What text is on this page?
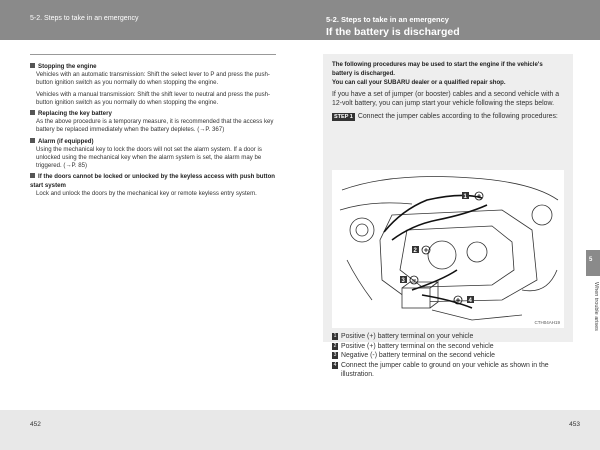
5-2. Steps to take in an emergency
Stopping the engine
Vehicles with an automatic transmission: Shift the select lever to P and press the push-button ignition switch as you normally do when stopping the engine.
Vehicles with a manual transmission: Shift the shift lever to neutral and press the push-button ignition switch as you normally do when stopping the engine.
Replacing the key battery
As the above procedure is a temporary measure, it is recommended that the access key battery be replaced immediately when the battery depletes. (→P. 367)
Alarm (if equipped)
Using the mechanical key to lock the doors will not set the alarm system. If a door is unlocked using the mechanical key when the alarm system is set, the alarm may be triggered. (→P. 85)
If the doors cannot be locked or unlocked by the keyless access with push button start system
Lock and unlock the doors by the mechanical key or remote keyless entry system.
452
5-2. Steps to take in an emergency
If the battery is discharged
The following procedures may be used to start the engine if the vehicle's battery is discharged.
You can call your SUBARU dealer or a qualified repair shop.
If you have a set of jumper (or booster) cables and a second vehicle with a 12-volt battery, you can jump start your vehicle following the steps below.
STEP 1 Connect the jumper cables according to the following procedures:
1
2
3
4
CTH04AH19
1 Positive (+) battery terminal on your vehicle
2 Positive (+) battery terminal on the second vehicle
3 Negative (-) battery terminal on the second vehicle
4 Connect the jumper cable to ground on your vehicle as shown in the illustration.
5
When trouble arises
453
